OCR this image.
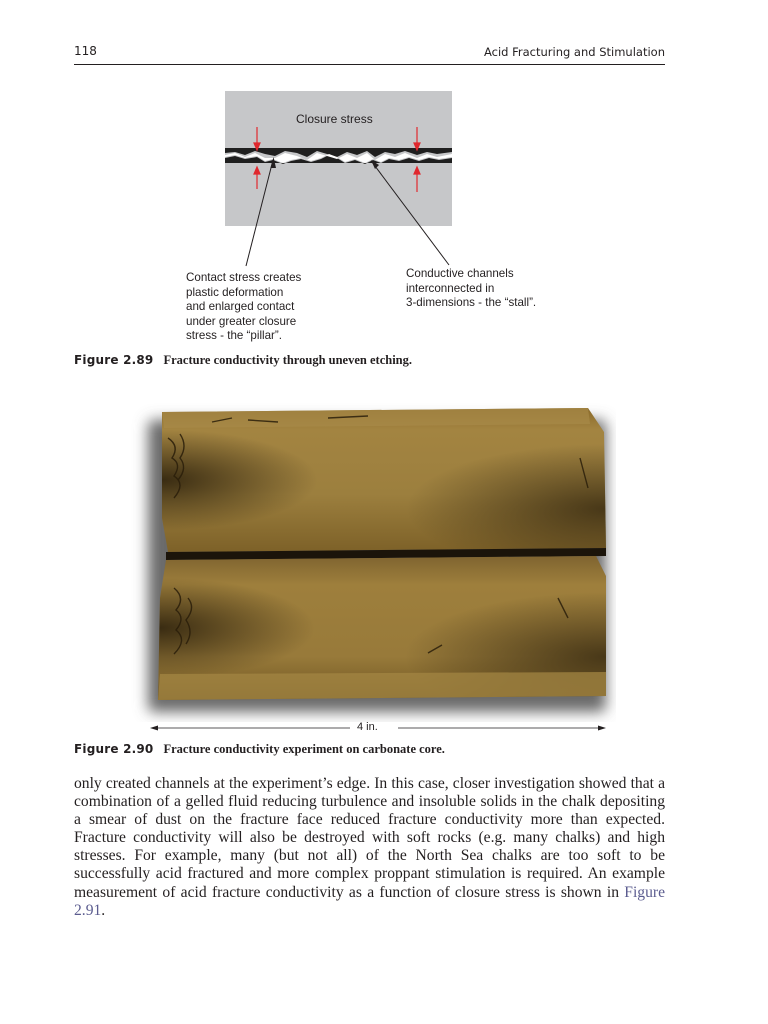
118	Acid Fracturing and Stimulation
Closure stress
Contact stress creates
plastic deformation
and enlarged contact
under greater closure
stress - the “pillar”.
Conductive channels
interconnected in
3-dimensions - the “stall”.
Figure 2.89 Fracture conductivity through uneven etching.
4 in.
Figure 2.90 Fracture conductivity experiment on carbonate core.

only created channels at the experiment’s edge. In this case, closer investigation showed that a combination of a gelled fluid reducing turbulence and insoluble solids in the chalk depositing a smear of dust on the fracture face reduced fracture conductivity more than expected. Fracture conductivity will also be destroyed with soft rocks (e.g. many chalks) and high stresses. For example, many (but not all) of the North Sea chalks are too soft to be successfully acid fractured and more complex proppant stimulation is required. An example measurement of acid fracture conductivity as a function of closure stress is shown in Figure 2.91.
